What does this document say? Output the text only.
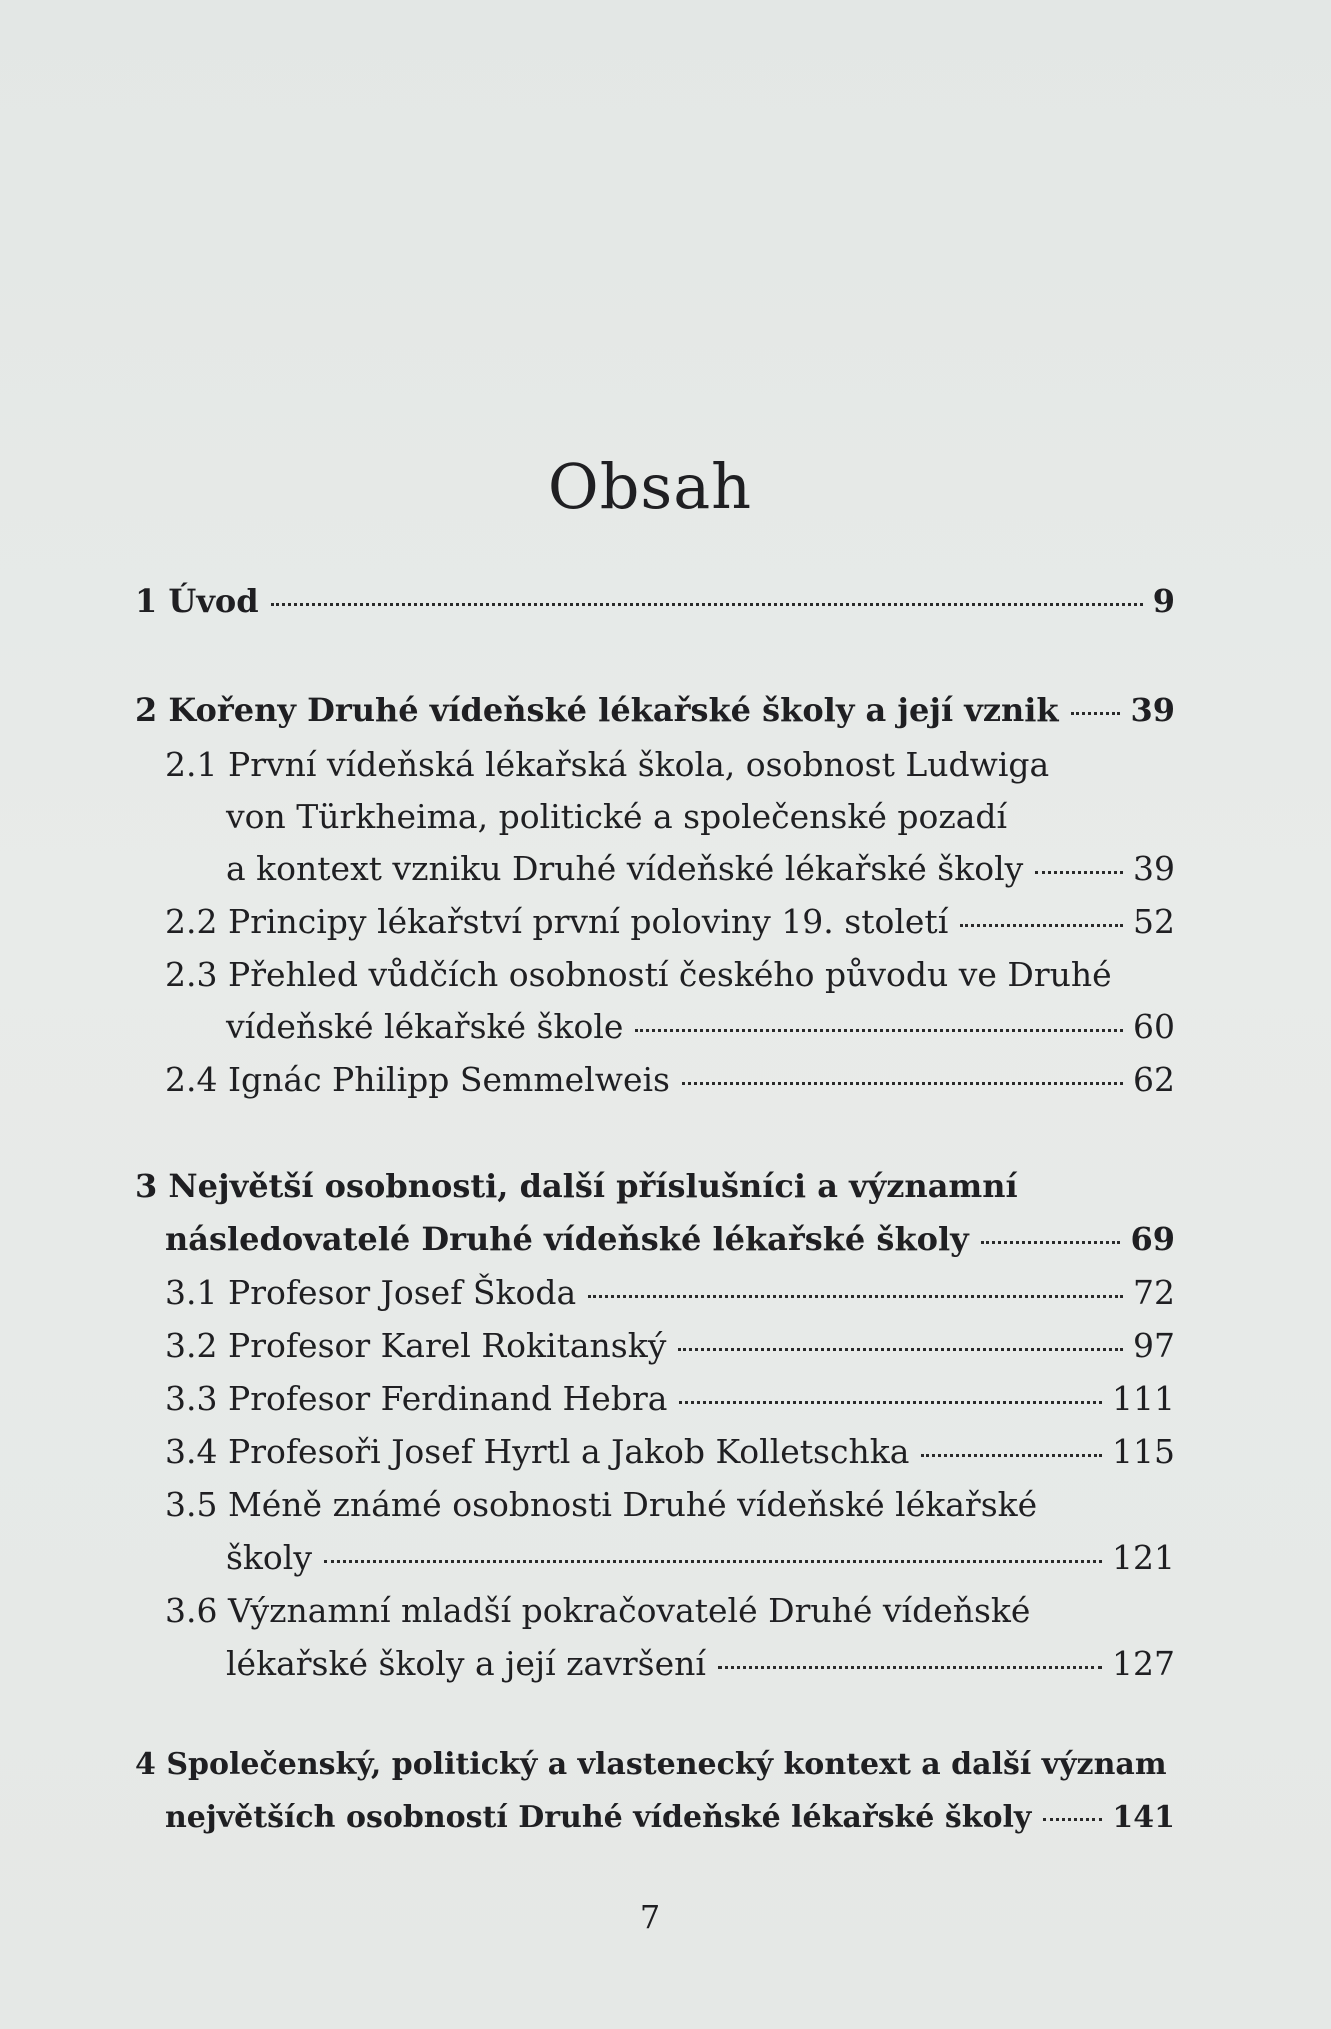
Obsah
1
Úvod	9
2
Kořeny Druhé vídeňské lékařské školy a její vznik 39
2.1
První vídeňská lékařská škola, osobnost Ludwiga
von Türkheima, politické a společenské pozadí
a kontext vzniku Druhé vídeňské lékařské školy	39
2.2
Principy lékařství první poloviny 19. století	52
2.3
Přehled vůdčích osobností českého původu ve Druhé
vídeňské lékařské škole	60
2.4
Ignác Philipp Semmelweis	62
3
Největší osobnosti, další příslušníci a významní
následovatelé Druhé vídeňské lékařské školy	69
3.1
Profesor Josef Škoda	72
3.2
Profesor Karel Rokitanský	97
3.3
Profesor Ferdinand Hebra	111
3.4
Profesoři Josef Hyrtl a Jakob Kolletschka	115
3.5
Méně známé osobnosti Druhé vídeňské lékařské
školy	121
3.6
Významní mladší pokračovatelé Druhé vídeňské
lékařské školy a její završení	127
4
Společenský, politický a vlastenecký kontext a další význam
největších osobností Druhé vídeňské lékařské školy	141

7
